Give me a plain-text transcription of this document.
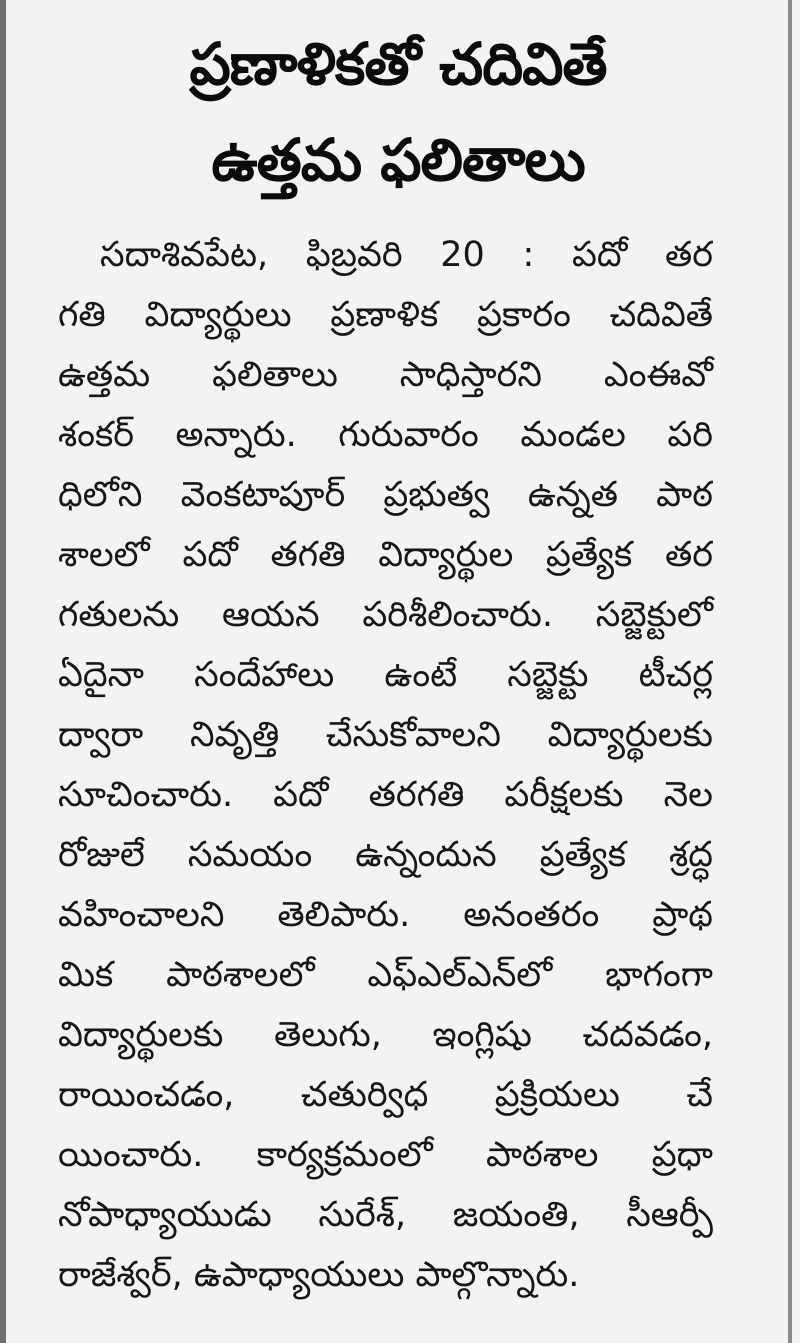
ప్రణాళికతో చదివితే
ఉత్తమ ఫలితాలు
సదాశివపేట, ఫిబ్రవరి 20 : పదో తర
గతి విద్యార్థులు ప్రణాళిక ప్రకారం చదివితే
ఉత్తమ ఫలితాలు సాధిస్తారని ఎంఈవో
శంకర్ అన్నారు. గురువారం మండల పరి
ధిలోని వెంకటాపూర్ ప్రభుత్వ ఉన్నత పాఠ
శాలలో పదో తగతి విద్యార్థుల ప్రత్యేక తర
గతులను ఆయన పరిశీలించారు. సబ్జెక్టులో
ఏదైనా సందేహాలు ఉంటే సబ్జెక్టు టీచర్ల
ద్వారా నివృత్తి చేసుకోవాలని విద్యార్థులకు
సూచించారు. పదో తరగతి పరీక్షలకు నెల
రోజులే సమయం ఉన్నందున ప్రత్యేక శ్రద్ధ
వహించాలని తెలిపారు. అనంతరం ప్రాథ
మిక పాఠశాలలో ఎఫ్ఎల్ఎన్‌లో భాగంగా
విద్యార్థులకు తెలుగు, ఇంగ్లిషు చదవడం,
రాయించడం, చతుర్విధ ప్రక్రియలు చే
యించారు. కార్యక్రమంలో పాఠశాల ప్రధా
నోపాధ్యాయుడు సురేశ్, జయంతి, సీఆర్పీ
రాజేశ్వర్, ఉపాధ్యాయులు పాల్గొన్నారు.
